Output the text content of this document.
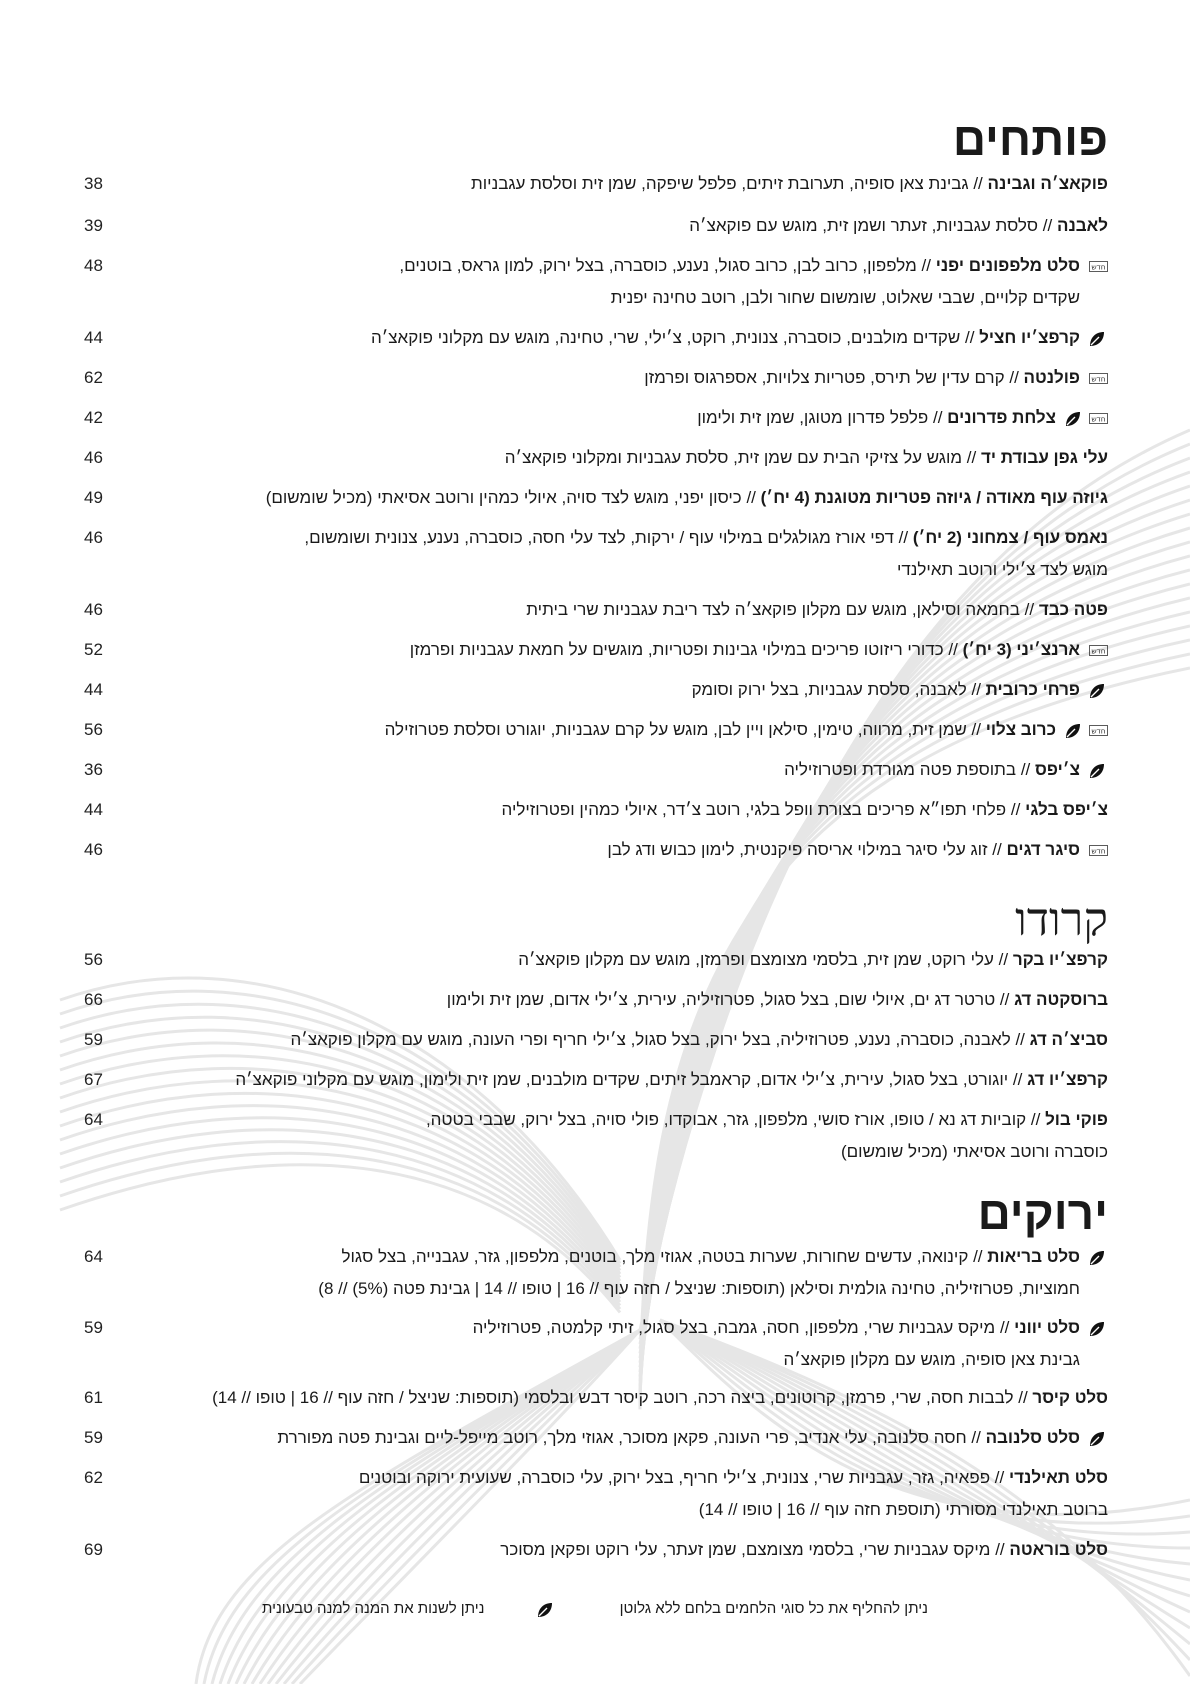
פותחים
פוקאצ׳ה וגבינה // גבינת צאן סופיה, תערובת זיתים, פלפל שיפקה, שמן זית וסלסת עגבניות
38
לאבנה // סלסת עגבניות, זעתר ושמן זית, מוגש עם פוקאצ׳ה
39
חדש
סלט מלפפונים יפני // מלפפון, כרוב לבן, כרוב סגול, נענע, כוסברה, בצל ירוק, למון גראס, בוטנים,
שקדים קלויים, שבבי שאלוט, שומשום שחור ולבן, רוטב טחינה יפנית
48
קרפצ׳יו חציל // שקדים מולבנים, כוסברה, צנונית, רוקט, צ׳ילי, שרי, טחינה, מוגש עם מקלוני פוקאצ׳ה
44
חדש
פולנטה // קרם עדין של תירס, פטריות צלויות, אספרגוס ופרמזן
62
חדש
צלחת פדרונים // פלפל פדרון מטוגן, שמן זית ולימון
42
עלי גפן עבודת יד // מוגש על צזיקי הבית עם שמן זית, סלסת עגבניות ומקלוני פוקאצ׳ה
46
גיוזה עוף מאודה / גיוזה פטריות מטוגנת (4 יח׳) // כיסון יפני, מוגש לצד סויה, איולי כמהין ורוטב אסיאתי (מכיל שומשום)
49
נאמס עוף / צמחוני (2 יח׳) // דפי אורז מגולגלים במילוי עוף / ירקות, לצד עלי חסה, כוסברה, נענע, צנונית ושומשום,
מוגש לצד צ׳ילי ורוטב תאילנדי
46
פטה כבד // בחמאה וסילאן, מוגש עם מקלון פוקאצ׳ה לצד ריבת עגבניות שרי ביתית
46
חדש
ארנצ׳יני (3 יח׳) // כדורי ריזוטו פריכים במילוי גבינות ופטריות, מוגשים על חמאת עגבניות ופרמזן
52
פרחי כרובית // לאבנה, סלסת עגבניות, בצל ירוק וסומק
44
חדש
כרוב צלוי // שמן זית, מרווה, טימין, סילאן ויין לבן, מוגש על קרם עגבניות, יוגורט וסלסת פטרוזילה
56
צ׳יפס // בתוספת פטה מגורדת ופטרוזיליה
36
צ׳יפס בלגי // פלחי תפו״א פריכים בצורת וופל בלגי, רוטב צ׳דר, איולי כמהין ופטרוזיליה
44
חדש
סיגר דגים // זוג עלי סיגר במילוי אריסה פיקנטית, לימון כבוש ודג לבן
46
קרודו
קרפצ׳יו בקר // עלי רוקט, שמן זית, בלסמי מצומצם ופרמזן, מוגש עם מקלון פוקאצ׳ה
56
ברוסקטה דג // טרטר דג ים, איולי שום, בצל סגול, פטרוזיליה, עירית, צ׳ילי אדום, שמן זית ולימון
66
סביצ׳ה דג // לאבנה, כוסברה, נענע, פטרוזיליה, בצל ירוק, בצל סגול, צ׳ילי חריף ופרי העונה, מוגש עם מקלון פוקאצ׳ה
59
קרפצ׳יו דג // יוגורט, בצל סגול, עירית, צ׳ילי אדום, קראמבל זיתים, שקדים מולבנים, שמן זית ולימון, מוגש עם מקלוני פוקאצ׳ה
67
פוקי בול // קוביות דג נא / טופו, אורז סושי, מלפפון, גזר, אבוקדו, פולי סויה, בצל ירוק, שבבי בטטה,
כוסברה ורוטב אסיאתי (מכיל שומשום)
64
ירוקים
סלט בריאות // קינואה, עדשים שחורות, שערות בטטה, אגוזי מלך, בוטנים, מלפפון, גזר, עגבנייה, בצל סגול
חמוציות, פטרוזיליה, טחינה גולמית וסילאן (תוספות: שניצל / חזה עוף // 16 | טופו // 14 | גבינת פטה (5%) // 8)
64
סלט יווני // מיקס עגבניות שרי, מלפפון, חסה, גמבה, בצל סגול, זיתי קלמטה, פטרוזיליה
גבינת צאן סופיה, מוגש עם מקלון פוקאצ׳ה
59
סלט קיסר // לבבות חסה, שרי, פרמזן, קרוטונים, ביצה רכה, רוטב קיסר דבש ובלסמי (תוספות: שניצל / חזה עוף // 16 | טופו // 14)
61
סלט סלנובה // חסה סלנובה, עלי אנדיב, פרי העונה, פקאן מסוכר, אגוזי מלך, רוטב מייפל-ליים וגבינת פטה מפוררת
59
סלט תאילנדי // פפאיה, גזר, עגבניות שרי, צנונית, צ׳ילי חריף, בצל ירוק, עלי כוסברה, שעועית ירוקה ובוטנים
ברוטב תאילנדי מסורתי (תוספת חזה עוף // 16 | טופו // 14)
62
סלט בוראטה // מיקס עגבניות שרי, בלסמי מצומצם, שמן זעתר, עלי רוקט ופקאן מסוכר
69
ניתן להחליף את כל סוגי הלחמים בלחם ללא גלוטן
ניתן לשנות את המנה למנה טבעונית
